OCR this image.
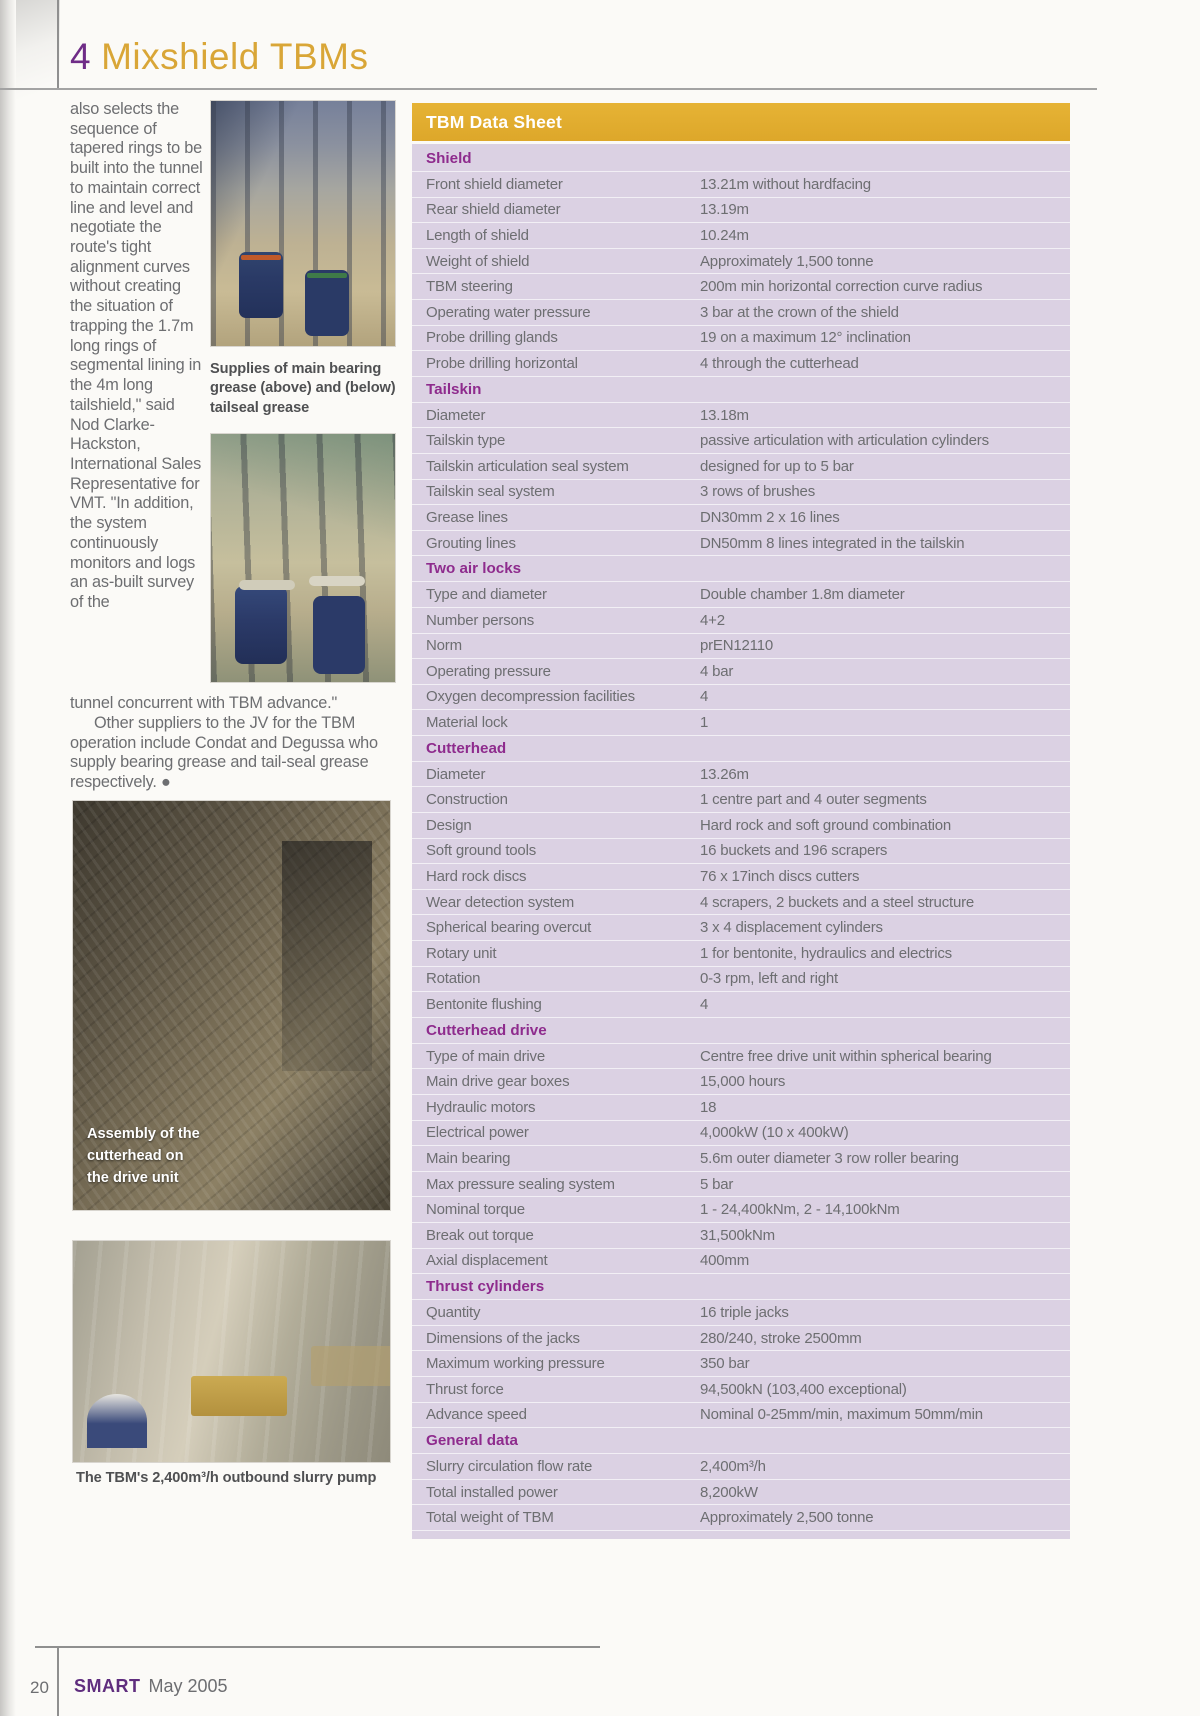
4 Mixshield TBMs
also selects the sequence of tapered rings to be built into the tunnel to maintain correct line and level and negotiate the route's tight alignment curves without creating the situation of trapping the 1.7m long rings of segmental lining in the 4m long tailshield," said Nod Clarke-Hackston, International Sales Representative for VMT. "In addition, the system continuously monitors and logs an as-built survey of the
Supplies of main bearing grease (above) and (below) tailseal grease
tunnel concurrent with TBM advance."
Other suppliers to the JV for the TBM operation include Condat and Degussa who supply bearing grease and tail-seal grease respectively. ●
Assembly of the cutterhead on the drive unit
The TBM's 2,400m³/h outbound slurry pump
TBM Data Sheet
Shield
Front shield diameter	13.21m without hardfacing
Rear shield diameter	13.19m
Length of shield	10.24m
Weight of shield	Approximately 1,500 tonne
TBM steering	200m min horizontal correction curve radius
Operating water pressure	3 bar at the crown of the shield
Probe drilling glands	19 on a maximum 12° inclination
Probe drilling horizontal	4 through the cutterhead
Tailskin
Diameter	13.18m
Tailskin type	passive articulation with articulation cylinders
Tailskin articulation seal system	designed for up to 5 bar
Tailskin seal system	3 rows of brushes
Grease lines	DN30mm 2 x 16 lines
Grouting lines	DN50mm 8 lines integrated in the tailskin
Two air locks
Type and diameter	Double chamber 1.8m diameter
Number persons	4+2
Norm	prEN12110
Operating pressure	4 bar
Oxygen decompression facilities	4
Material lock	1
Cutterhead
Diameter	13.26m
Construction	1 centre part and 4 outer segments
Design	Hard rock and soft ground combination
Soft ground tools	16 buckets and 196 scrapers
Hard rock discs	76 x 17inch discs cutters
Wear detection system	4 scrapers, 2 buckets and a steel structure
Spherical bearing overcut	3 x 4 displacement cylinders
Rotary unit	1 for bentonite, hydraulics and electrics
Rotation	0-3 rpm, left and right
Bentonite flushing	4
Cutterhead drive
Type of main drive	Centre free drive unit within spherical bearing
Main drive gear boxes	15,000 hours
Hydraulic motors	18
Electrical power	4,000kW (10 x 400kW)
Main bearing	5.6m outer diameter 3 row roller bearing
Max pressure sealing system	5 bar
Nominal torque	1 - 24,400kNm, 2 - 14,100kNm
Break out torque	31,500kNm
Axial displacement	400mm
Thrust cylinders
Quantity	16 triple jacks
Dimensions of the jacks	280/240, stroke 2500mm
Maximum working pressure	350 bar
Thrust force	94,500kN (103,400 exceptional)
Advance speed	Nominal 0-25mm/min, maximum 50mm/min
General data
Slurry circulation flow rate	2,400m³/h
Total installed power	8,200kW
Total weight of TBM	Approximately 2,500 tonne
20 SMART May 2005
